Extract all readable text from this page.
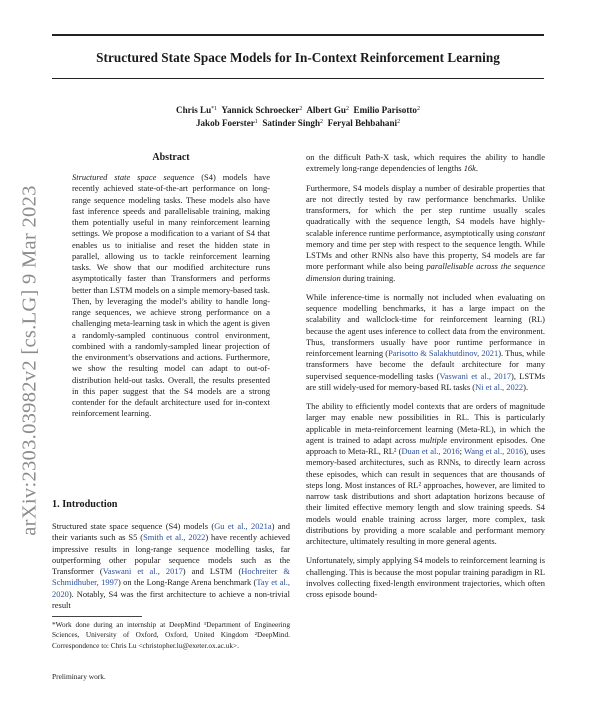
Structured State Space Models for In-Context Reinforcement Learning
Chris Lu$^{*1}$  Yannick Schroecker$^2$  Albert Gu$^2$  Emilio Parisotto$^2$
Jakob Foerster$^1$  Satinder Singh$^2$  Feryal Behbahani$^2$
arXiv:2303.03982v2 [cs.LG] 9 Mar 2023
Abstract
Structured state space sequence (S4) models have recently achieved state-of-the-art performance on long-range sequence modeling tasks. These models also have fast inference speeds and parallelisable training, making them potentially useful in many reinforcement learning settings. We propose a modification to a variant of S4 that enables us to initialise and reset the hidden state in parallel, allowing us to tackle reinforcement learning tasks. We show that our modified architecture runs asymptotically faster than Transformers and performs better than LSTM models on a simple memory-based task. Then, by leveraging the model’s ability to handle long-range sequences, we achieve strong performance on a challenging meta-learning task in which the agent is given a randomly-sampled continuous control environment, combined with a randomly-sampled linear projection of the environment’s observations and actions. Furthermore, we show the resulting model can adapt to out-of-distribution held-out tasks. Overall, the results presented in this paper suggest that the S4 models are a strong contender for the default architecture used for in-context reinforcement learning.
1. Introduction
Structured state space sequence (S4) models (Gu et al., 2021a) and their variants such as S5 (Smith et al., 2022) have recently achieved impressive results in long-range sequence modelling tasks, far outperforming other popular sequence models such as the Transformer (Vaswani et al., 2017) and LSTM (Hochreiter & Schmidhuber, 1997) on the Long-Range Arena benchmark (Tay et al., 2020). Notably, S4 was the first architecture to achieve a non-trivial result
*Work done during an internship at DeepMind ¹Department of Engineering Sciences, University of Oxford, Oxford, United Kingdom ²DeepMind. Correspondence to: Chris Lu <christopher.lu@exeter.ox.ac.uk>.
Preliminary work.

on the difficult Path-X task, which requires the ability to handle extremely long-range dependencies of lengths 16k.

Furthermore, S4 models display a number of desirable properties that are not directly tested by raw performance benchmarks. Unlike transformers, for which the per step runtime usually scales quadratically with the sequence length, S4 models have highly-scalable inference runtime performance, asymptotically using constant memory and time per step with respect to the sequence length. While LSTMs and other RNNs also have this property, S4 models are far more performant while also being parallelisable across the sequence dimension during training.

While inference-time is normally not included when evaluating on sequence modelling benchmarks, it has a large impact on the scalability and wallclock-time for reinforcement learning (RL) because the agent uses inference to collect data from the environment. Thus, transformers usually have poor runtime performance in reinforcement learning (Parisotto & Salakhutdinov, 2021). Thus, while transformers have become the default architecture for many supervised sequence-modelling tasks (Vaswani et al., 2017), LSTMs are still widely-used for memory-based RL tasks (Ni et al., 2022).

The ability to efficiently model contexts that are orders of magnitude larger may enable new possibilities in RL. This is particularly applicable in meta-reinforcement learning (Meta-RL), in which the agent is trained to adapt across multiple environment episodes. One approach to Meta-RL, RL² (Duan et al., 2016; Wang et al., 2016), uses memory-based architectures, such as RNNs, to directly learn across these episodes, which can result in sequences that are thousands of steps long. Most instances of RL² approaches, however, are limited to narrow task distributions and short adaptation horizons because of their limited effective memory length and slow training speeds. S4 models would enable training across larger, more complex, task distributions by providing a more scalable and performant memory architecture, ultimately resulting in more general agents.

Unfortunately, simply applying S4 models to reinforcement learning is challenging. This is because the most popular training paradigm in RL involves collecting fixed-length environment trajectories, which often cross episode bound-
